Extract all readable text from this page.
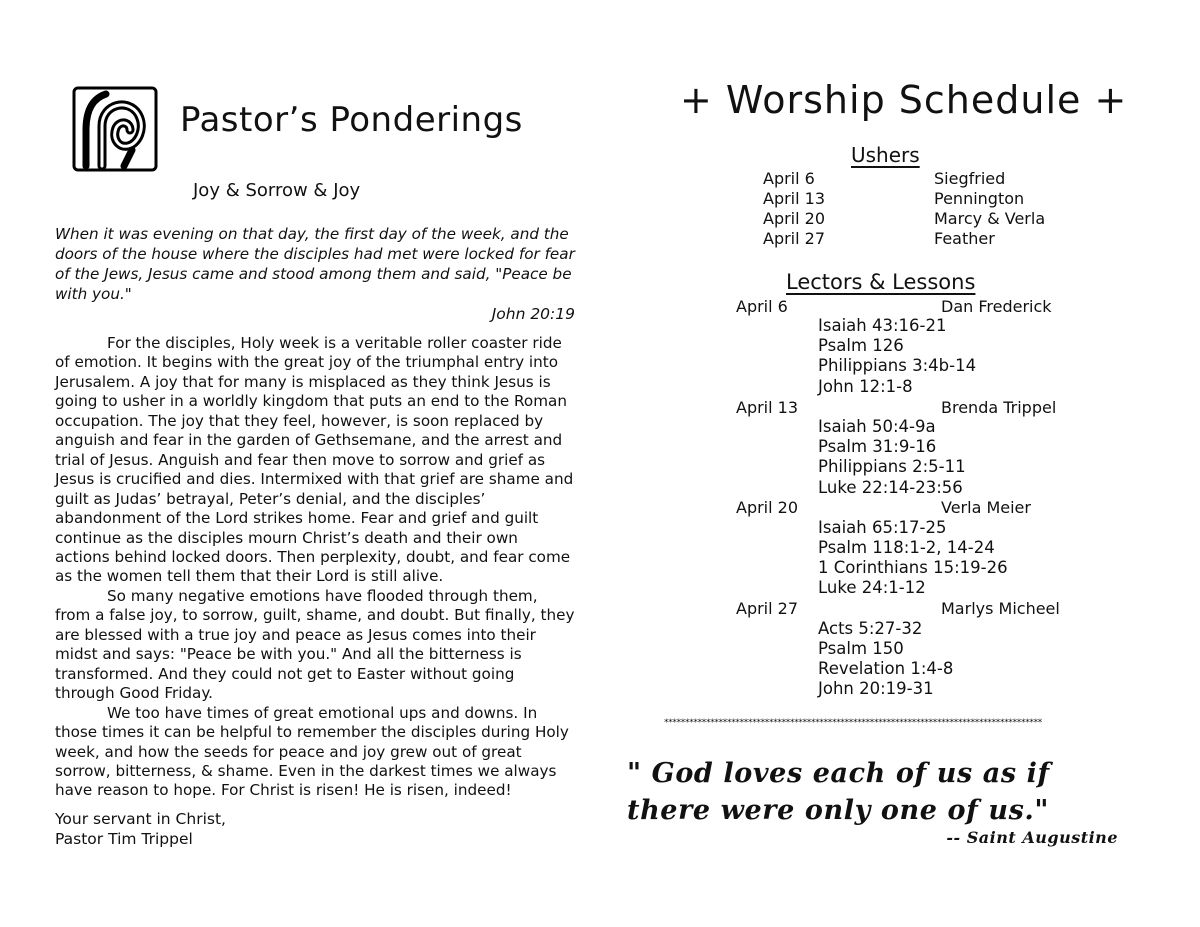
Pastor’s Ponderings
Joy & Sorrow & Joy
When it was evening on that day, the first day of the week, and the doors of the house where the disciples had met were locked for fear of the Jews, Jesus came and stood among them and said, "Peace be with you."
John 20:19

For the disciples, Holy week is a veritable roller coaster ride of emotion. It begins with the great joy of the triumphal entry into Jerusalem. A joy that for many is misplaced as they think Jesus is going to usher in a worldly kingdom that puts an end to the Roman occupation. The joy that they feel, however, is soon replaced by anguish and fear in the garden of Gethsemane, and the arrest and trial of Jesus. Anguish and fear then move to sorrow and grief as Jesus is crucified and dies. Intermixed with that grief are shame and guilt as Judas’ betrayal, Peter’s denial, and the disciples’ abandonment of the Lord strikes home. Fear and grief and guilt continue as the disciples mourn Christ’s death and their own actions behind locked doors. Then perplexity, doubt, and fear come as the women tell them that their Lord is still alive.

So many negative emotions have flooded through them, from a false joy, to sorrow, guilt, shame, and doubt. But finally, they are blessed with a true joy and peace as Jesus comes into their midst and says: "Peace be with you." And all the bitterness is transformed. And they could not get to Easter without going through Good Friday.

We too have times of great emotional ups and downs. In those times it can be helpful to remember the disciples during Holy week, and how the seeds for peace and joy grew out of great sorrow, bitterness, & shame. Even in the darkest times we always have reason to hope. For Christ is risen! He is risen, indeed!

Your servant in Christ,
Pastor Tim Trippel
+ Worship Schedule +
Ushers
April 6	Siegfried
April 13	Pennington
April 20	Marcy & Verla
April 27	Feather
Lectors & Lessons
April 6	Dan Frederick
Isaiah 43:16-21
Psalm 126
Philippians 3:4b-14
John 12:1-8
April 13	Brenda Trippel
Isaiah 50:4-9a
Psalm 31:9-16
Philippians 2:5-11
Luke 22:14-23:56
April 20	Verla Meier
Isaiah 65:17-25
Psalm 118:1-2, 14-24
1 Corinthians 15:19-26
Luke 24:1-12
April 27	Marlys Micheel
Acts 5:27-32
Psalm 150
Revelation 1:4-8
John 20:19-31
******************************************************************************************
" God loves each of us as if there were only one of us."
-- Saint Augustine
